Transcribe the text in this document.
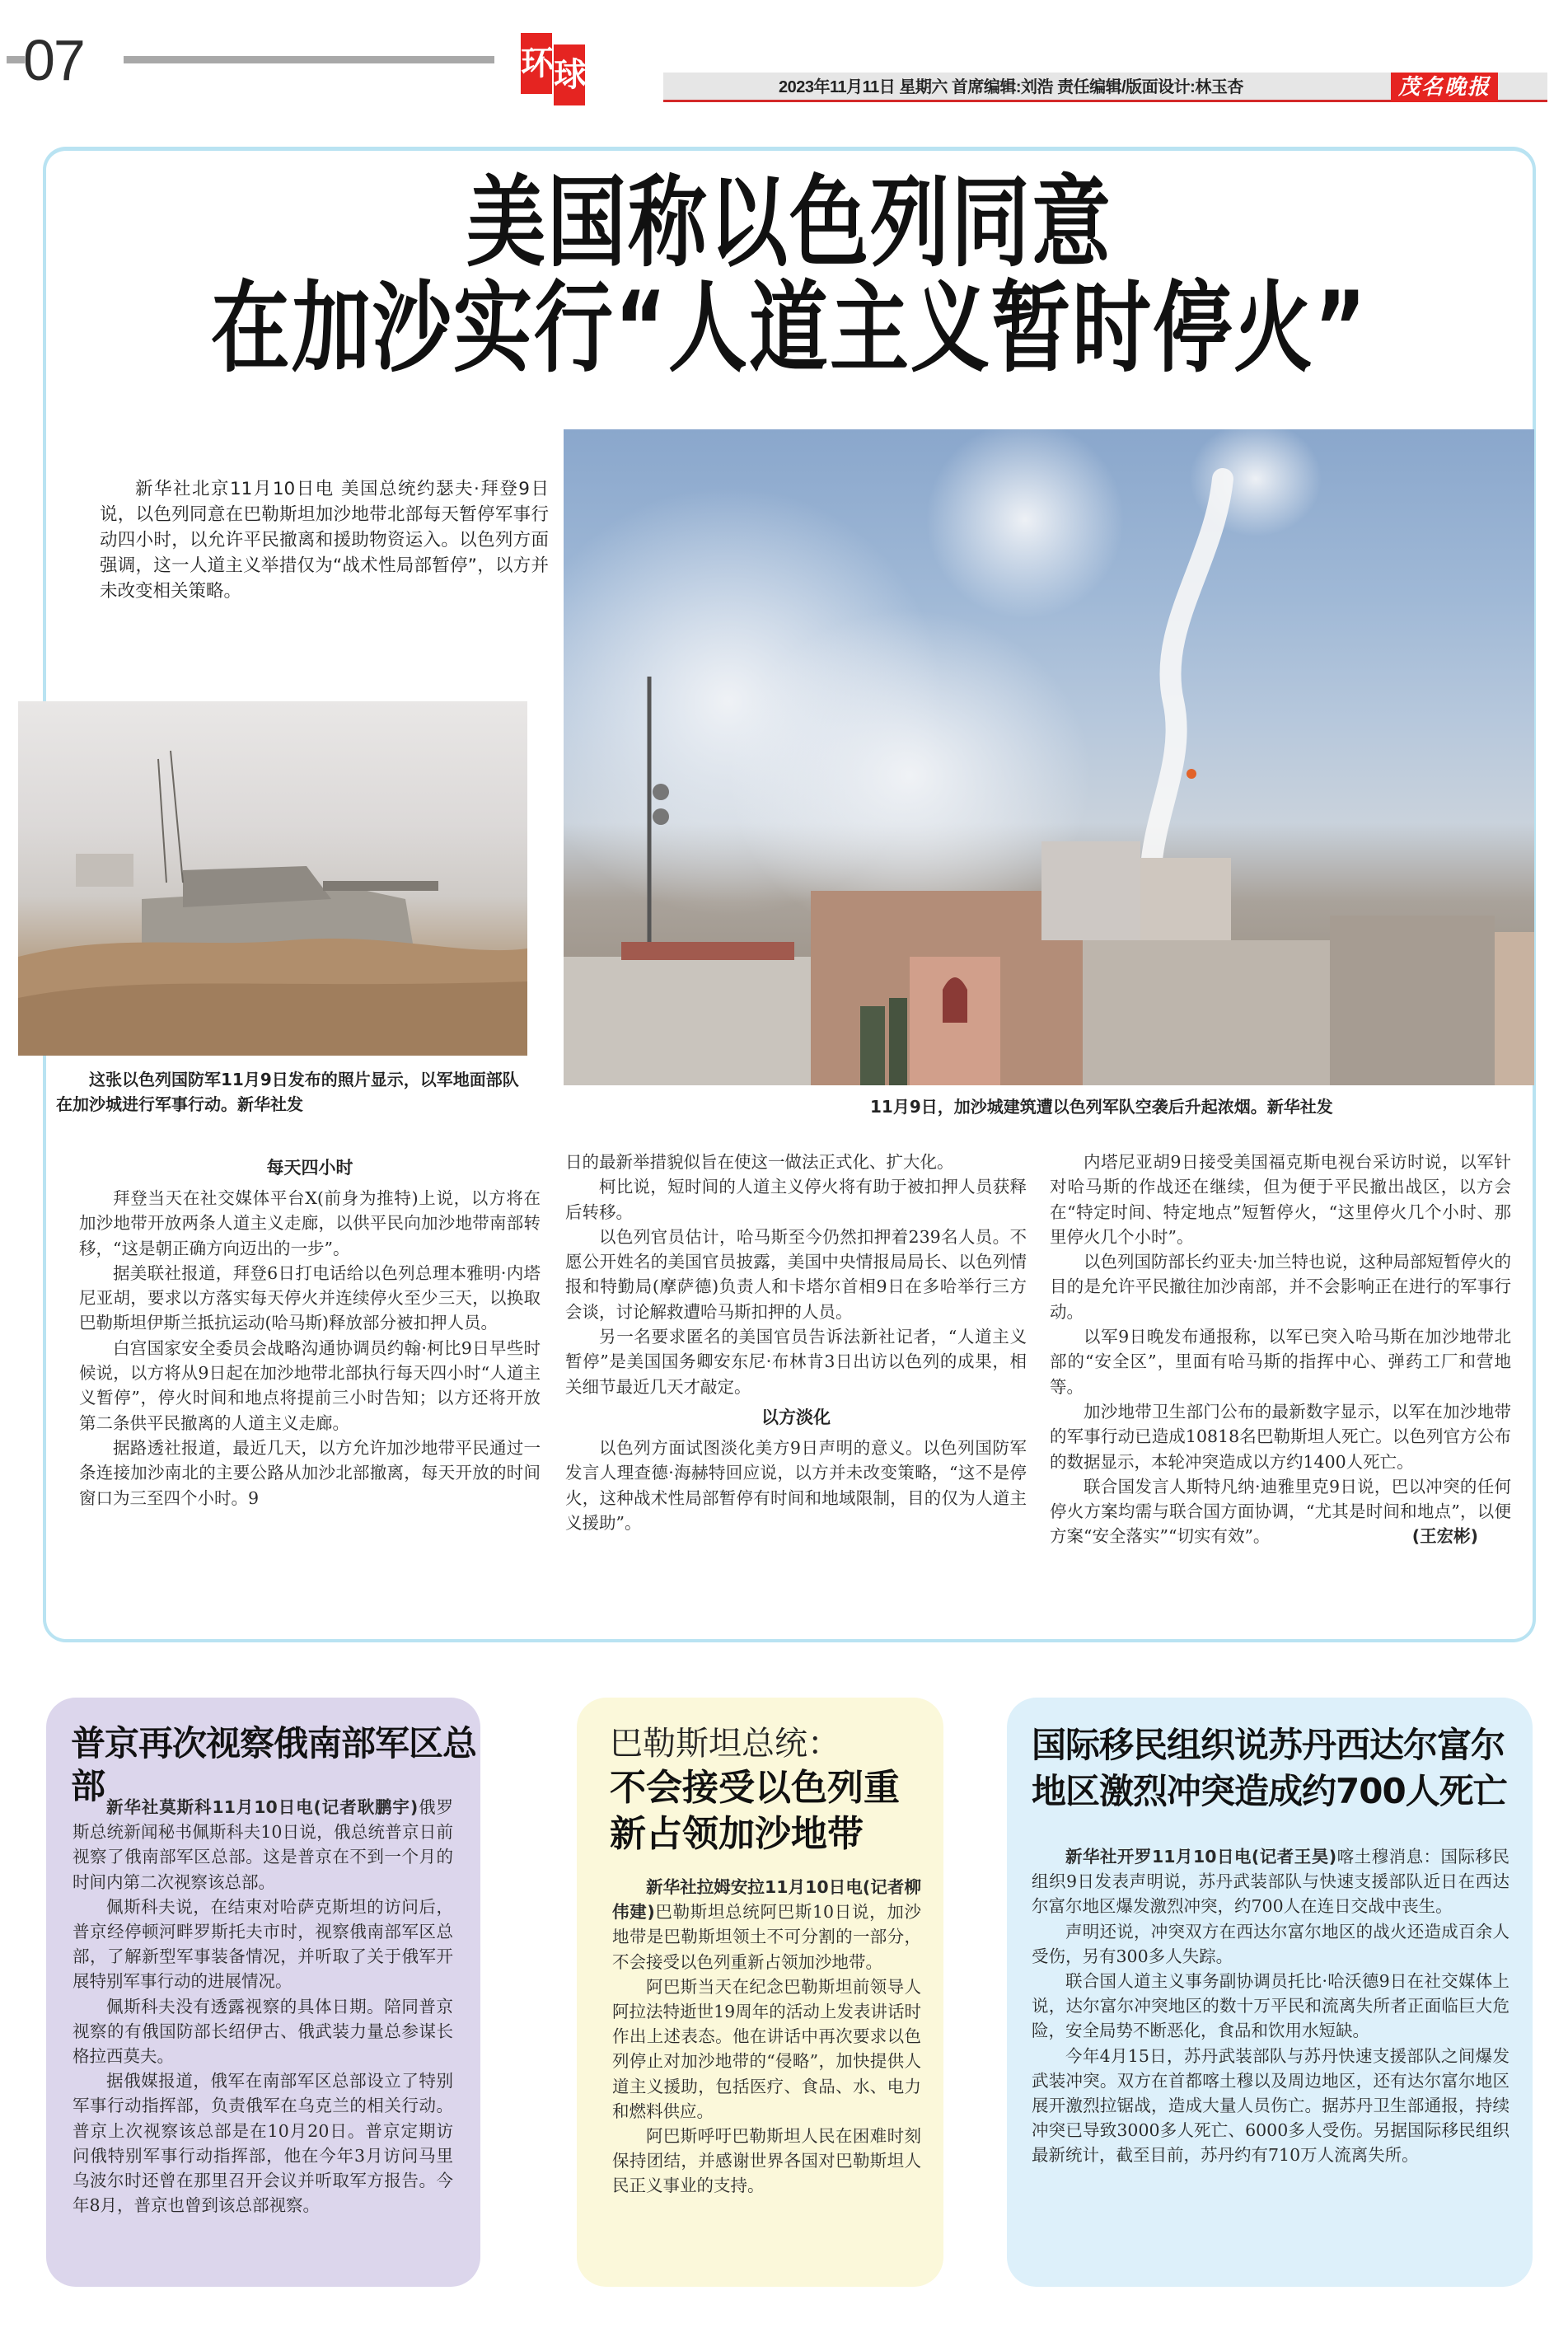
07	环 球	2023年11月11日 星期六 首席编辑:刘浩 责任编辑/版面设计:林玉杏	茂名晚报
美国称以色列同意
在加沙实行“人道主义暂时停火”

新华社北京11月10日电 美国总统约瑟夫·拜登9日说，以色列同意在巴勒斯坦加沙地带北部每天暂停军事行动四小时，以允许平民撤离和援助物资运入。以色列方面强调，这一人道主义举措仅为“战术性局部暂停”，以方并未改变相关策略。

这张以色列国防军11月9日发布的照片显示，以军地面部队在加沙城进行军事行动。新华社发	11月9日，加沙城建筑遭以色列军队空袭后升起浓烟。新华社发

每天四小时

拜登当天在社交媒体平台X(前身为推特)上说，以方将在加沙地带开放两条人道主义走廊，以供平民向加沙地带南部转移，“这是朝正确方向迈出的一步”。

据美联社报道，拜登6日打电话给以色列总理本雅明·内塔尼亚胡，要求以方落实每天停火并连续停火至少三天，以换取巴勒斯坦伊斯兰抵抗运动(哈马斯)释放部分被扣押人员。

白宫国家安全委员会战略沟通协调员约翰·柯比9日早些时候说，以方将从9日起在加沙地带北部执行每天四小时“人道主义暂停”，停火时间和地点将提前三小时告知；以方还将开放第二条供平民撤离的人道主义走廊。

据路透社报道，最近几天，以方允许加沙地带平民通过一条连接加沙南北的主要公路从加沙北部撤离，每天开放的时间窗口为三至四个小时。9

日的最新举措貌似旨在使这一做法正式化、扩大化。

柯比说，短时间的人道主义停火将有助于被扣押人员获释后转移。

以色列官员估计，哈马斯至今仍然扣押着239名人员。不愿公开姓名的美国官员披露，美国中央情报局局长、以色列情报和特勤局(摩萨德)负责人和卡塔尔首相9日在多哈举行三方会谈，讨论解救遭哈马斯扣押的人员。

另一名要求匿名的美国官员告诉法新社记者，“人道主义暂停”是美国国务卿安东尼·布林肯3日出访以色列的成果，相关细节最近几天才敲定。

以方淡化

以色列方面试图淡化美方9日声明的意义。以色列国防军发言人理查德·海赫特回应说，以方并未改变策略，“这不是停火，这种战术性局部暂停有时间和地域限制，目的仅为人道主义援助”。

内塔尼亚胡9日接受美国福克斯电视台采访时说，以军针对哈马斯的作战还在继续，但为便于平民撤出战区，以方会在“特定时间、特定地点”短暂停火，“这里停火几个小时、那里停火几个小时”。

以色列国防部长约亚夫·加兰特也说，这种局部短暂停火的目的是允许平民撤往加沙南部，并不会影响正在进行的军事行动。

以军9日晚发布通报称，以军已突入哈马斯在加沙地带北部的“安全区”，里面有哈马斯的指挥中心、弹药工厂和营地等。

加沙地带卫生部门公布的最新数字显示，以军在加沙地带的军事行动已造成10818名巴勒斯坦人死亡。以色列官方公布的数据显示，本轮冲突造成以方约1400人死亡。

联合国发言人斯特凡纳·迪雅里克9日说，巴以冲突的任何停火方案均需与联合国方面协调，“尤其是时间和地点”，以便方案“安全落实”“切实有效”。	(王宏彬)

普京再次视察俄南部军区总部

新华社莫斯科11月10日电(记者耿鹏宇)俄罗斯总统新闻秘书佩斯科夫10日说，俄总统普京日前视察了俄南部军区总部。这是普京在不到一个月的时间内第二次视察该总部。

佩斯科夫说，在结束对哈萨克斯坦的访问后，普京经停顿河畔罗斯托夫市时，视察俄南部军区总部，了解新型军事装备情况，并听取了关于俄军开展特别军事行动的进展情况。

佩斯科夫没有透露视察的具体日期。陪同普京视察的有俄国防部长绍伊古、俄武装力量总参谋长格拉西莫夫。

据俄媒报道，俄军在南部军区总部设立了特别军事行动指挥部，负责俄军在乌克兰的相关行动。普京上次视察该总部是在10月20日。普京定期访问俄特别军事行动指挥部，他在今年3月访问马里乌波尔时还曾在那里召开会议并听取军方报告。今年8月，普京也曾到该总部视察。

巴勒斯坦总统：
不会接受以色列重新占领加沙地带

新华社拉姆安拉11月10日电(记者柳伟建)巴勒斯坦总统阿巴斯10日说，加沙地带是巴勒斯坦领土不可分割的一部分，不会接受以色列重新占领加沙地带。

阿巴斯当天在纪念巴勒斯坦前领导人阿拉法特逝世19周年的活动上发表讲话时作出上述表态。他在讲话中再次要求以色列停止对加沙地带的“侵略”，加快提供人道主义援助，包括医疗、食品、水、电力和燃料供应。

阿巴斯呼吁巴勒斯坦人民在困难时刻保持团结，并感谢世界各国对巴勒斯坦人民正义事业的支持。

国际移民组织说苏丹西达尔富尔地区激烈冲突造成约700人死亡

新华社开罗11月10日电(记者王昊)喀土穆消息：国际移民组织9日发表声明说，苏丹武装部队与快速支援部队近日在西达尔富尔地区爆发激烈冲突，约700人在连日交战中丧生。

声明还说，冲突双方在西达尔富尔地区的战火还造成百余人受伤，另有300多人失踪。

联合国人道主义事务副协调员托比·哈沃德9日在社交媒体上说，达尔富尔冲突地区的数十万平民和流离失所者正面临巨大危险，安全局势不断恶化，食品和饮用水短缺。

今年4月15日，苏丹武装部队与苏丹快速支援部队之间爆发武装冲突。双方在首都喀土穆以及周边地区，还有达尔富尔地区展开激烈拉锯战，造成大量人员伤亡。据苏丹卫生部通报，持续冲突已导致3000多人死亡、6000多人受伤。另据国际移民组织最新统计，截至目前，苏丹约有710万人流离失所。
